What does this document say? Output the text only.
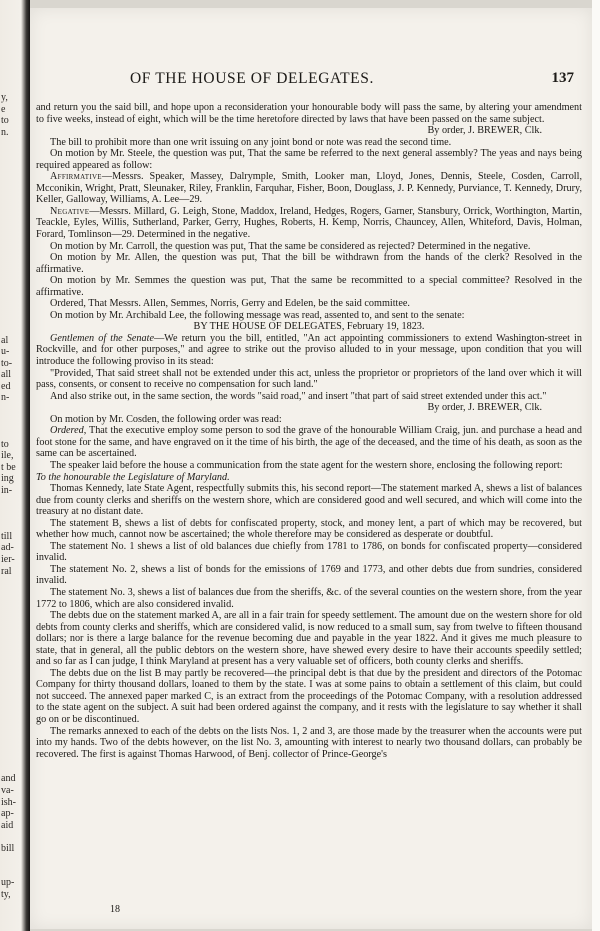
y,
e
to
n.
al
u-
to-
all
ed
n-
to
ile,
t be
ing
in-
till
ad-
ier-
ral
and
va-
ish-
ap-
aid
bill
up-
ty,
OF THE HOUSE OF DELEGATES.	137

and return you the said bill, and hope upon a reconsideration your honourable body will pass the same, by altering your amendment to five weeks, instead of eight, which will be the time heretofore directed by laws that have been passed on the same subject.

By order, J. BREWER, Clk.

The bill to prohibit more than one writ issuing on any joint bond or note was read the second time.

On motion by Mr. Steele, the question was put, That the same be referred to the next general assembly? The yeas and nays being required appeared as follow:

Affirmative—Messrs. Speaker, Massey, Dalrymple, Smith, Looker man, Lloyd, Jones, Dennis, Steele, Cosden, Carroll, Mcconikin, Wright, Pratt, Sleunaker, Riley, Franklin, Farquhar, Fisher, Boon, Douglass, J. P. Kennedy, Purviance, T. Kennedy, Drury, Keller, Galloway, Williams, A. Lee—29.

Negative—Messrs. Millard, G. Leigh, Stone, Maddox, Ireland, Hedges, Rogers, Garner, Stansbury, Orrick, Worthington, Martin, Teackle, Eyles, Willis, Sutherland, Parker, Gerry, Hughes, Roberts, H. Kemp, Norris, Chauncey, Allen, Whiteford, Davis, Holman, Forard, Tomlinson—29. Determined in the negative.

On motion by Mr. Carroll, the question was put, That the same be considered as rejected? Determined in the negative.

On motion by Mr. Allen, the question was put, That the bill be withdrawn from the hands of the clerk? Resolved in the affirmative.

On motion by Mr. Semmes the question was put, That the same be recommitted to a special committee? Resolved in the affirmative.

Ordered, That Messrs. Allen, Semmes, Norris, Gerry and Edelen, be the said committee.

On motion by Mr. Archibald Lee, the following message was read, assented to, and sent to the senate:

BY THE HOUSE OF DELEGATES, February 19, 1823.

Gentlemen of the Senate—We return you the bill, entitled, "An act appointing commissioners to extend Washington-street in Rockville, and for other purposes," and agree to strike out the proviso alluded to in your message, upon condition that you will introduce the following proviso in its stead:

"Provided, That said street shall not be extended under this act, unless the proprietor or proprietors of the land over which it will pass, consents, or consent to receive no compensation for such land."

And also strike out, in the same section, the words "said road," and insert "that part of said street extended under this act."

By order, J. BREWER, Clk.

On motion by Mr. Cosden, the following order was read:

Ordered, That the executive employ some person to sod the grave of the honourable William Craig, jun. and purchase a head and foot stone for the same, and have engraved on it the time of his birth, the age of the deceased, and the time of his death, as soon as the same can be ascertained.

The speaker laid before the house a communication from the state agent for the western shore, enclosing the following report:

To the honourable the Legislature of Maryland.

Thomas Kennedy, late State Agent, respectfully submits this, his second report—The statement marked A, shews a list of balances due from county clerks and sheriffs on the western shore, which are considered good and well secured, and which will come into the treasury at no distant date.

The statement B, shews a list of debts for confiscated property, stock, and money lent, a part of which may be recovered, but whether how much, cannot now be ascertained; the whole therefore may be considered as desperate or doubtful.

The statement No. 1 shews a list of old balances due chiefly from 1781 to 1786, on bonds for confiscated property—considered invalid.

The statement No. 2, shews a list of bonds for the emissions of 1769 and 1773, and other debts due from sundries, considered invalid.

The statement No. 3, shews a list of balances due from the sheriffs, &c. of the several counties on the western shore, from the year 1772 to 1806, which are also considered invalid.

The debts due on the statement marked A, are all in a fair train for speedy settlement. The amount due on the western shore for old debts from county clerks and sheriffs, which are considered valid, is now reduced to a small sum, say from twelve to fifteen thousand dollars; nor is there a large balance for the revenue becoming due and payable in the year 1822. And it gives me much pleasure to state, that in general, all the public debtors on the western shore, have shewed every desire to have their accounts speedily settled; and so far as I can judge, I think Maryland at present has a very valuable set of officers, both county clerks and sheriffs.

The debts due on the list B may partly be recovered—the principal debt is that due by the president and directors of the Potomac Company for thirty thousand dollars, loaned to them by the state. I was at some pains to obtain a settlement of this claim, but could not succeed. The annexed paper marked C, is an extract from the proceedings of the Potomac Company, with a resolution addressed to the state agent on the subject. A suit had been ordered against the company, and it rests with the legislature to say whether it shall go on or be discontinued.

The remarks annexed to each of the debts on the lists Nos. 1, 2 and 3, are those made by the treasurer when the accounts were put into my hands. Two of the debts however, on the list No. 3, amounting with interest to nearly two thousand dollars, can probably be recovered. The first is against Thomas Harwood, of Benj. collector of Prince-George's

18
